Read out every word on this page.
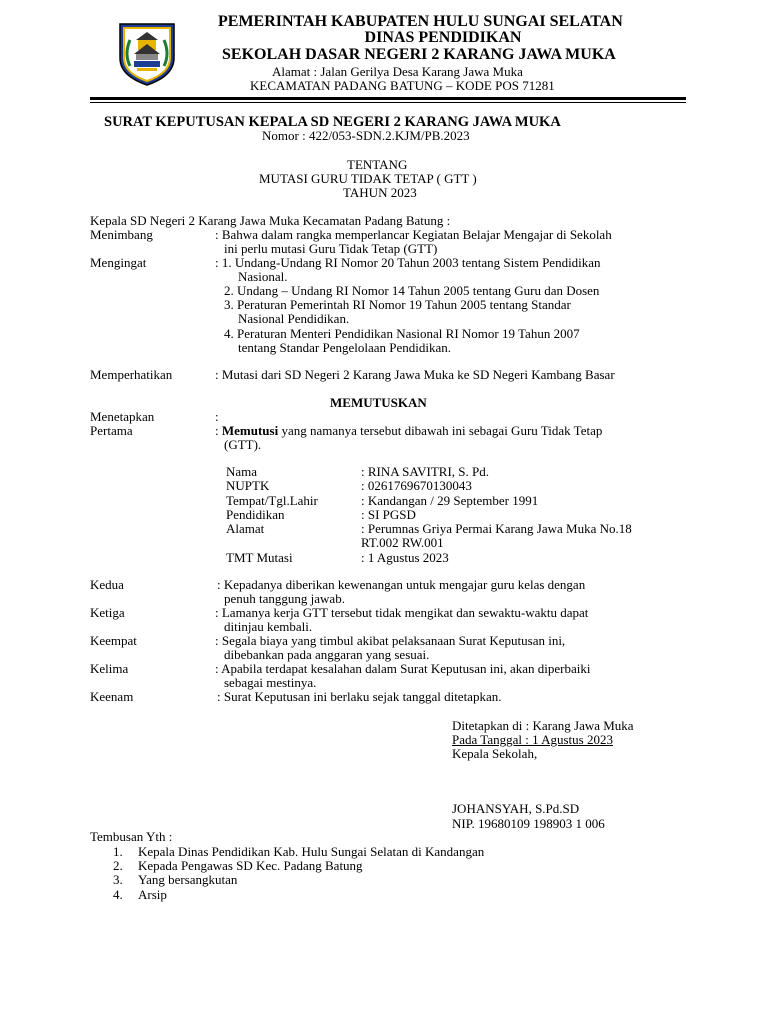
PEMERINTAH KABUPATEN HULU SUNGAI SELATAN
DINAS PENDIDIKAN
SEKOLAH DASAR NEGERI 2 KARANG JAWA MUKA
Alamat : Jalan Gerilya Desa Karang Jawa Muka
KECAMATAN PADANG BATUNG – KODE POS 71281
SURAT KEPUTUSAN KEPALA SD NEGERI 2 KARANG JAWA MUKA
Nomor : 422/053-SDN.2.KJM/PB.2023
TENTANG
MUTASI GURU TIDAK TETAP ( GTT )
TAHUN 2023
Kepala SD Negeri 2 Karang Jawa Muka Kecamatan Padang Batung :
Menimbang	: Bahwa dalam rangka memperlancar Kegiatan Belajar Mengajar di Sekolah
ini perlu mutasi Guru Tidak Tetap (GTT)
Mengingat	: 1. Undang-Undang RI Nomor 20 Tahun 2003 tentang Sistem Pendidikan
Nasional.
2. Undang – Undang RI Nomor 14 Tahun 2005 tentang Guru dan Dosen
3. Peraturan Pemerintah RI Nomor 19 Tahun 2005 tentang Standar
Nasional Pendidikan.
4. Peraturan Menteri Pendidikan Nasional RI Nomor 19 Tahun 2007
tentang Standar Pengelolaan Pendidikan.
Memperhatikan	: Mutasi dari SD Negeri 2 Karang Jawa Muka ke SD Negeri Kambang Basar
MEMUTUSKAN
Menetapkan	:
Pertama	: Memutusi yang namanya tersebut dibawah ini sebagai Guru Tidak Tetap
(GTT).
Nama	: RINA SAVITRI, S. Pd.
NUPTK	: 0261769670130043
Tempat/Tgl.Lahir	: Kandangan / 29 September 1991
Pendidikan	: SI PGSD
Alamat	: Perumnas Griya Permai Karang Jawa Muka No.18
RT.002 RW.001
TMT Mutasi	: 1 Agustus 2023
Kedua	: Kepadanya diberikan kewenangan untuk mengajar guru kelas dengan
penuh tanggung jawab.
Ketiga	: Lamanya kerja GTT tersebut tidak mengikat dan sewaktu-waktu dapat
ditinjau kembali.
Keempat	: Segala biaya yang timbul akibat pelaksanaan Surat Keputusan ini,
dibebankan pada anggaran yang sesuai.
Kelima	: Apabila terdapat kesalahan dalam Surat Keputusan ini, akan diperbaiki
sebagai mestinya.
Keenam	: Surat Keputusan ini berlaku sejak tanggal ditetapkan.
Ditetapkan di : Karang Jawa Muka
Pada Tanggal : 1 Agustus 2023
Kepala Sekolah,
JOHANSYAH, S.Pd.SD
NIP. 19680109 198903 1 006
Tembusan Yth :
1. Kepala Dinas Pendidikan Kab. Hulu Sungai Selatan di Kandangan
2. Kepada Pengawas SD Kec. Padang Batung
3. Yang bersangkutan
4. Arsip
